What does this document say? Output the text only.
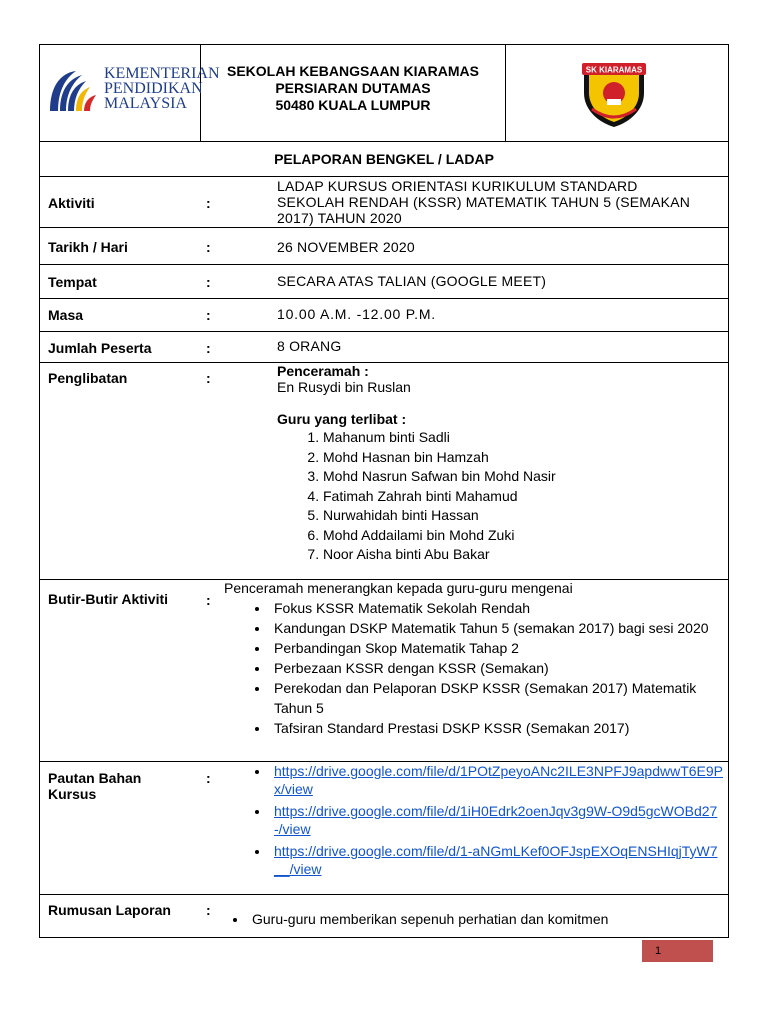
KEMENTERIAN
PENDIDIKAN
MALAYSIA

SEKOLAH KEBANGSAAN KIARAMAS
PERSIARAN DUTAMAS
50480 KUALA LUMPUR

SK KIARAMAS

PELAPORAN BENGKEL / LADAP

Aktiviti	:
LADAP KURSUS ORIENTASI KURIKULUM STANDARD SEKOLAH RENDAH (KSSR) MATEMATIK TAHUN 5 (SEMAKAN 2017) TAHUN 2020

Tarikh / Hari	:	26 NOVEMBER 2020

Tempat	:	SECARA ATAS TALIAN (GOOGLE MEET)

Masa	:	10.00 A.M. -12.00 P.M.

Jumlah Peserta	:	8 ORANG

Penglibatan	:	Penceramah :
En Rusydi bin Ruslan
Guru yang terlibat :
1. Mahanum binti Sadli
2. Mohd Hasnan bin Hamzah
3. Mohd Nasrun Safwan bin Mohd Nasir
4. Fatimah Zahrah binti Mahamud
5. Nurwahidah binti Hassan
6. Mohd Addailami bin Mohd Zuki
7. Noor Aisha binti Abu Bakar

Butir-Butir Aktiviti	:
Penceramah menerangkan kepada guru-guru mengenai
• Fokus KSSR Matematik Sekolah Rendah
• Kandungan DSKP Matematik Tahun 5 (semakan 2017) bagi sesi 2020
• Perbandingan Skop Matematik Tahap 2
• Perbezaan KSSR dengan KSSR (Semakan)
• Perekodan dan Pelaporan DSKP KSSR (Semakan 2017) Matematik Tahun 5
• Tafsiran Standard Prestasi DSKP KSSR (Semakan 2017)

Pautan Bahan Kursus
:
•	https://drive.google.com/file/d/1POtZpeyoANc2ILE3NPFJ9apdwwT6E9Px/view
• https://drive.google.com/file/d/1iH0Edrk2oenJqv3g9W-O9d5gcWOBd27-/view
• https://drive.google.com/file/d/1-aNGmLKef0OFJspEXOqENSHIqjTyW7__/view

Rumusan Laporan	:
• Guru-guru memberikan sepenuh perhatian dan komitmen
1
